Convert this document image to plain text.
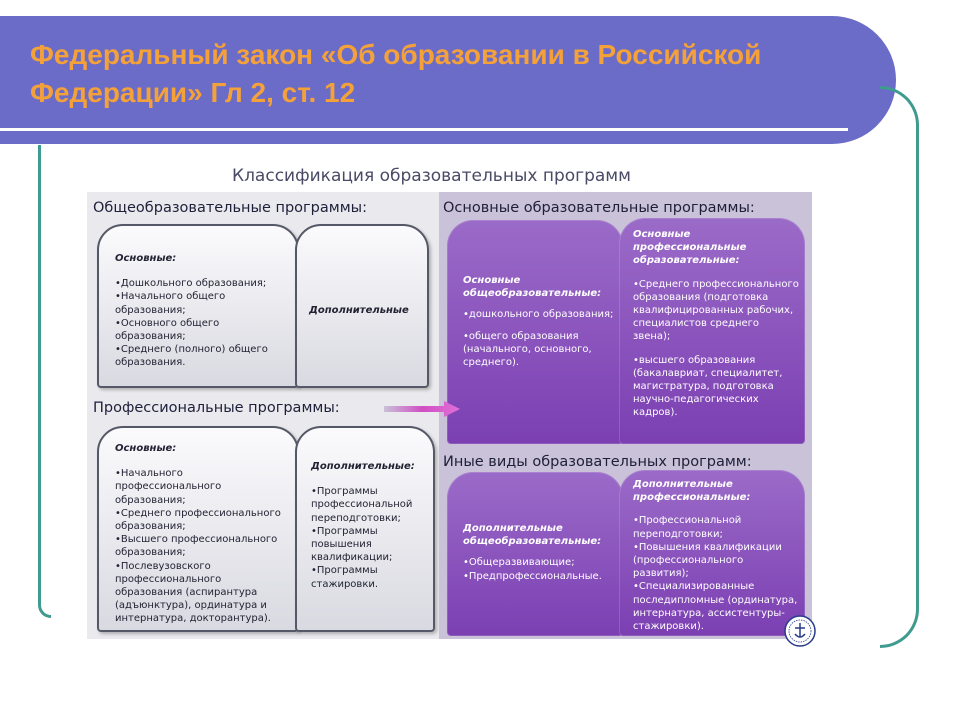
Федеральный закон «Об образовании в Российской Федерации» Гл 2, ст. 12
Классификация образовательных программ
Общеобразовательные программы:
Основные:
•Дошкольного образования;
•Начального общего образования;
•Основного общего образования;
•Среднего (полного) общего образования.
Дополнительные
Профессиональные программы:
Основные:
•Начального профессионального образования;
•Среднего профессионального образования;
•Высшего профессионального образования;
•Послевузовского профессионального образования (аспирантура (адъюнктура), ординатура и интернатура, докторантура).
Дополнительные:
•Программы профессиональной переподготовки;
•Программы повышения квалификации;
•Программы стажировки.
Основные образовательные программы:
Основные общеобразовательные:
•дошкольного образования;
•общего образования (начального, основного, среднего).
Основные профессиональные образовательные:
•Среднего профессионального образования (подготовка квалифицированных рабочих, специалистов среднего звена);
•высшего образования (бакалавриат, специалитет, магистратура, подготовка научно-педагогических кадров).
Иные виды образовательных программ:
Дополнительные общеобразовательные:
•Общеразвивающие;
•Предпрофессиональные.
Дополнительные профессиональные:
•Профессиональной переподготовки;
•Повышения квалификации (профессионального развития);
•Специализированные последипломные (ординатура, интернатура, ассистентуры-стажировки).
